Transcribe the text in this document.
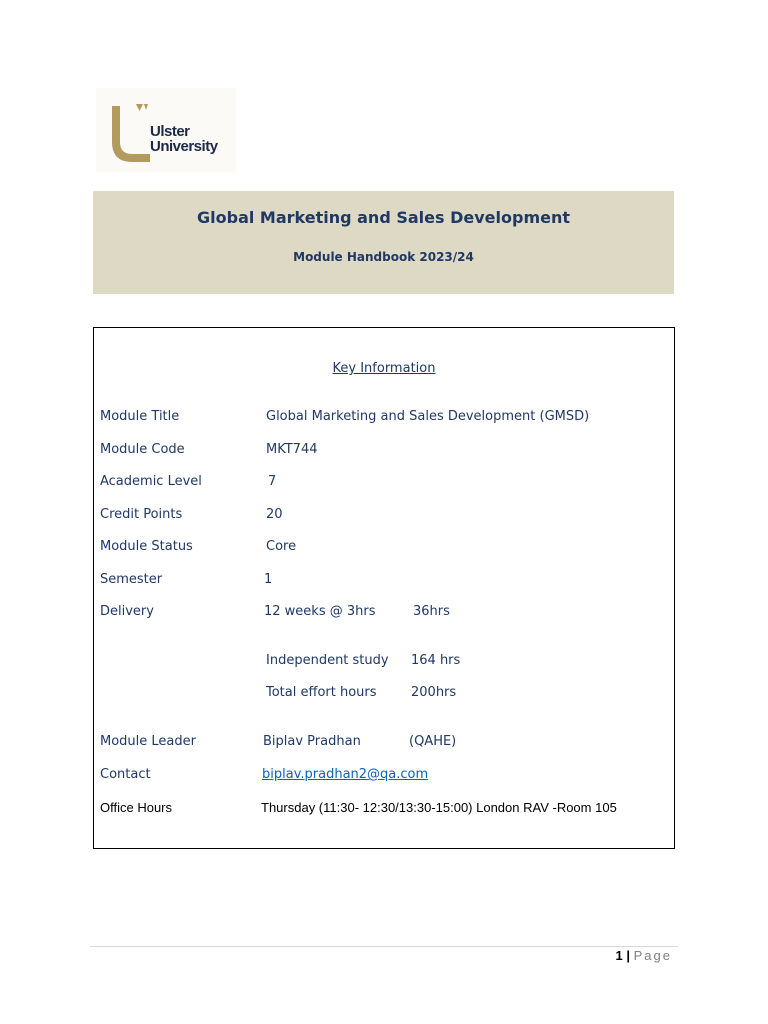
Ulster
University
Global Marketing and Sales Development
Module Handbook 2023/24
Key Information
Module Title	Global Marketing and Sales Development (GMSD)
Module Code	MKT744
Academic Level	7
Credit Points	20
Module Status	Core
Semester	1
Delivery	12 weeks @ 3hrs	36hrs
Independent study 164 hrs
Total effort hours	200hrs
Module Leader	Biplav Pradhan	(QAHE)
Contact	biplav.pradhan2@qa.com
Office Hours	Thursday (11:30- 12:30/13:30-15:00) London RAV -Room 105
1 | Page
